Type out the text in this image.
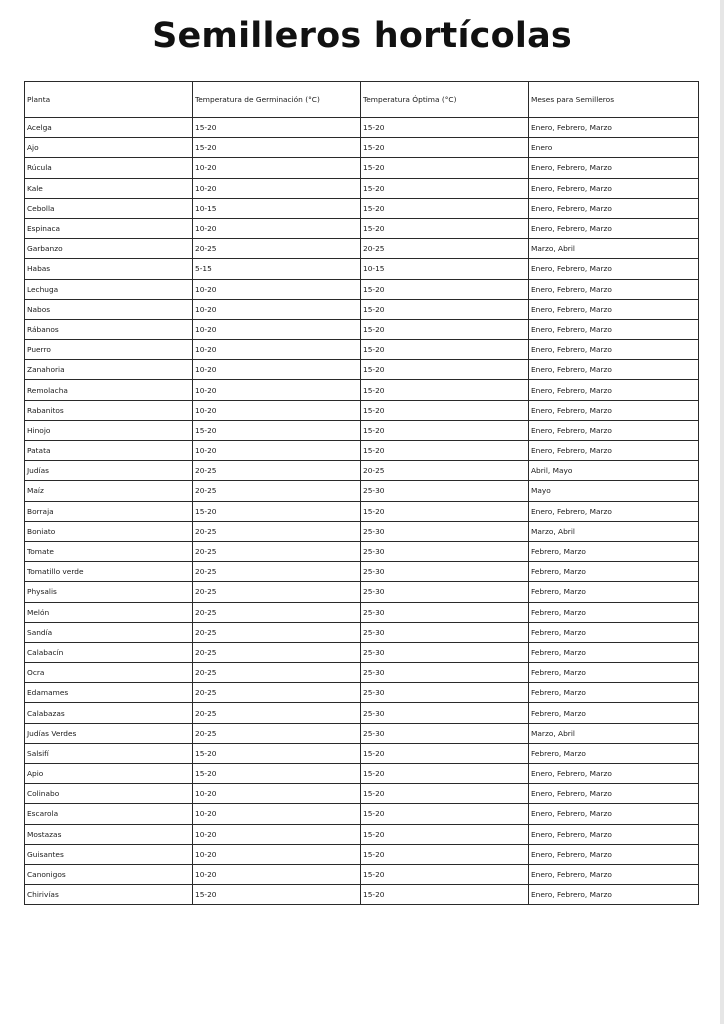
Semilleros hortícolas
Planta	Temperatura de Germinación (°C)	Temperatura Óptima (°C)	Meses para Semilleros
Acelga	15-20	15-20	Enero, Febrero, Marzo
Ajo	15-20	15-20	Enero
Rúcula	10-20	15-20	Enero, Febrero, Marzo
Kale	10-20	15-20	Enero, Febrero, Marzo
Cebolla	10-15	15-20	Enero, Febrero, Marzo
Espinaca	10-20	15-20	Enero, Febrero, Marzo
Garbanzo	20-25	20-25	Marzo, Abril
Habas	5-15	10-15	Enero, Febrero, Marzo
Lechuga	10-20	15-20	Enero, Febrero, Marzo
Nabos	10-20	15-20	Enero, Febrero, Marzo
Rábanos	10-20	15-20	Enero, Febrero, Marzo
Puerro	10-20	15-20	Enero, Febrero, Marzo
Zanahoria	10-20	15-20	Enero, Febrero, Marzo
Remolacha	10-20	15-20	Enero, Febrero, Marzo
Rabanitos	10-20	15-20	Enero, Febrero, Marzo
Hinojo	15-20	15-20	Enero, Febrero, Marzo
Patata	10-20	15-20	Enero, Febrero, Marzo
Judías	20-25	20-25	Abril, Mayo
Maíz	20-25	25-30	Mayo
Borraja	15-20	15-20	Enero, Febrero, Marzo
Boniato	20-25	25-30	Marzo, Abril
Tomate	20-25	25-30	Febrero, Marzo
Tomatillo verde	20-25	25-30	Febrero, Marzo
Physalis	20-25	25-30	Febrero, Marzo
Melón	20-25	25-30	Febrero, Marzo
Sandía	20-25	25-30	Febrero, Marzo
Calabacín	20-25	25-30	Febrero, Marzo
Ocra	20-25	25-30	Febrero, Marzo
Edamames	20-25	25-30	Febrero, Marzo
Calabazas	20-25	25-30	Febrero, Marzo
Judías Verdes	20-25	25-30	Marzo, Abril
Salsifí	15-20	15-20	Febrero, Marzo
Apio	15-20	15-20	Enero, Febrero, Marzo
Colinabo	10-20	15-20	Enero, Febrero, Marzo
Escarola	10-20	15-20	Enero, Febrero, Marzo
Mostazas	10-20	15-20	Enero, Febrero, Marzo
Guisantes	10-20	15-20	Enero, Febrero, Marzo
Canonigos	10-20	15-20	Enero, Febrero, Marzo
Chirivías	15-20	15-20	Enero, Febrero, Marzo
